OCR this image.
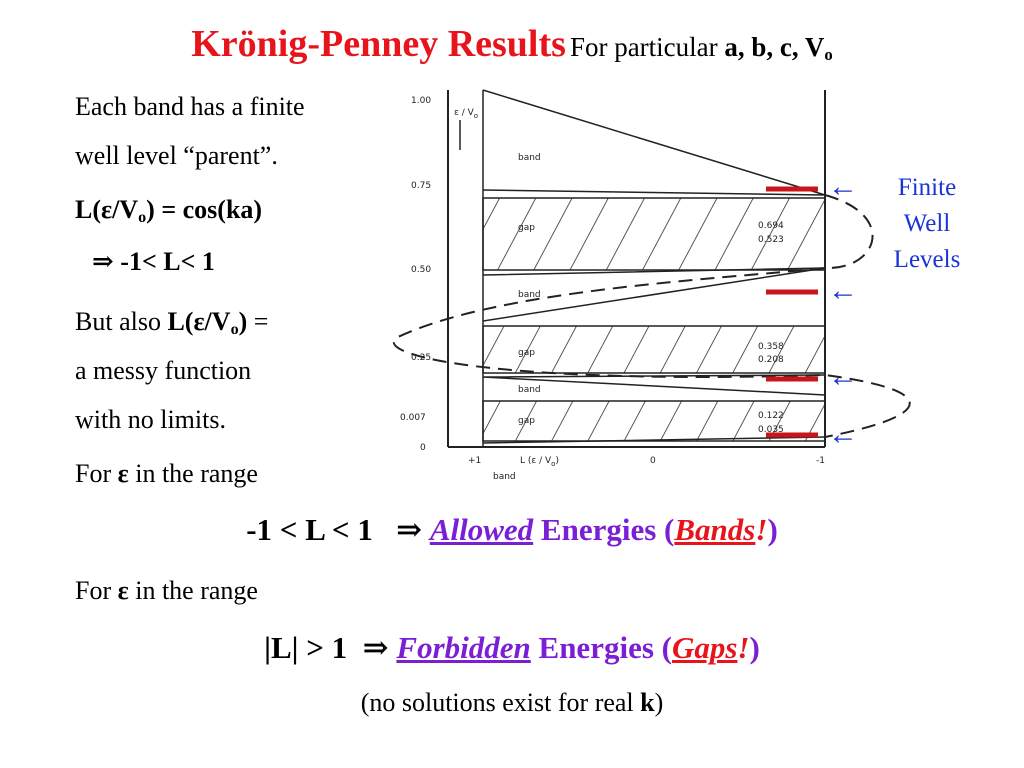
Krönig-Penney Results For particular a, b, c, $V_o$
Each band has a finite
well level “parent”.
$L(\varepsilon/V_o) = \cos(ka)$
⇒ -1< L< 1
But also $L(\varepsilon/V_o)$ =
a messy function
with no limits.
For ε in the range
-1 < L < 1 ⇒ Allowed Energies (Bands!)
For ε in the range
|L| > 1 ⇒ Forbidden Energies (Gaps!)
(no solutions exist for real k)
1.00
0.75
0.50
0.25
0.007
0
ε / $V_o$
+1	0	-1
L $(\varepsilon / V_o)$
band
gap
band
gap
band
gap
band
0.694
0.523
0.358
0.208
0.122
0.035
←
←
←
←
Finite
Well
Levels
